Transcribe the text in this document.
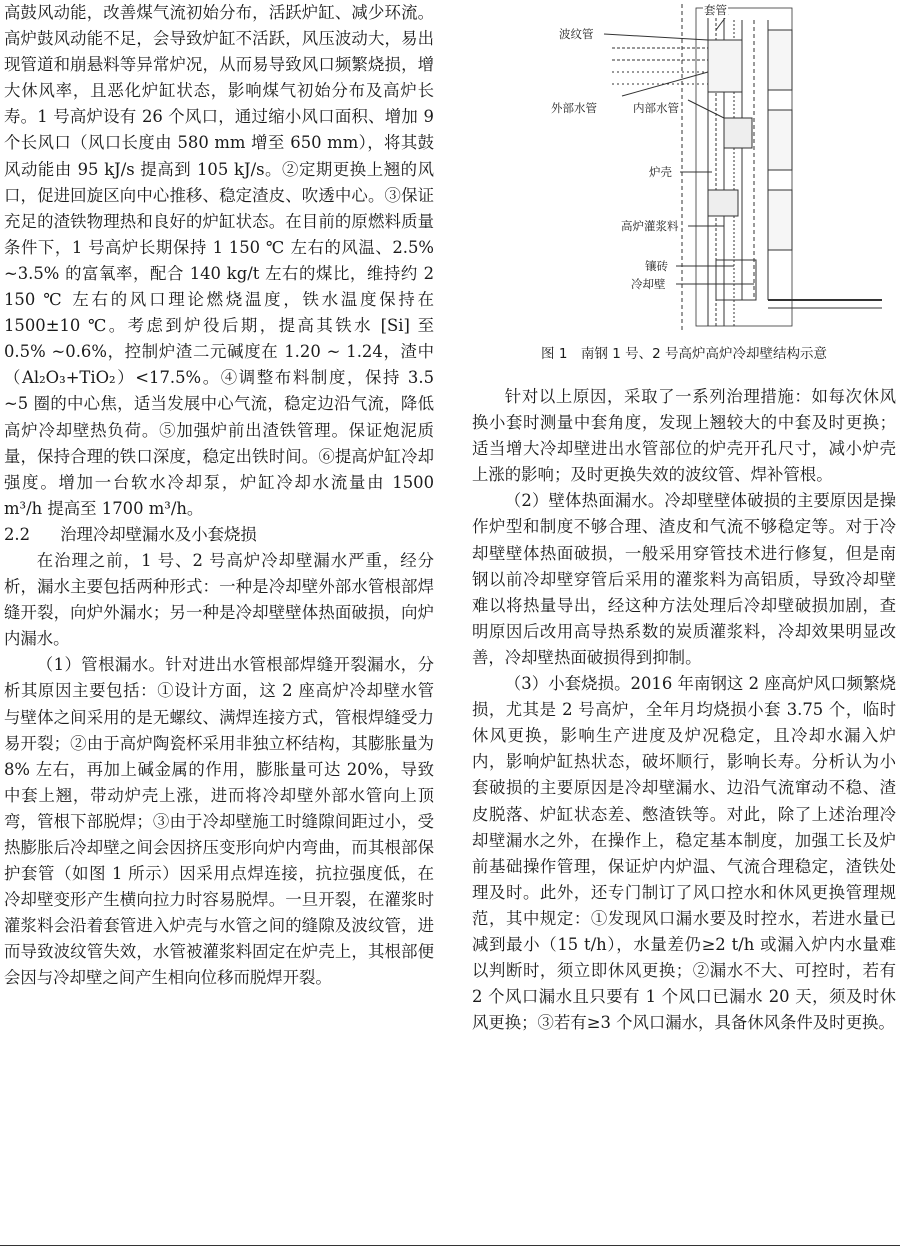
高鼓风动能，改善煤气流初始分布，活跃炉缸、减少环流。高炉鼓风动能不足，会导致炉缸不活跃，风压波动大，易出现管道和崩悬料等异常炉况，从而易导致风口频繁烧损，增大休风率，且恶化炉缸状态，影响煤气初始分布及高炉长寿。1 号高炉设有 26 个风口，通过缩小风口面积、增加 9 个长风口（风口长度由 580 mm 增至 650 mm），将其鼓风动能由 95 kJ/s 提高到 105 kJ/s。②定期更换上翘的风口，促进回旋区向中心推移、稳定渣皮、吹透中心。③保证充足的渣铁物理热和良好的炉缸状态。在目前的原燃料质量条件下，1 号高炉长期保持 1 150 ℃ 左右的风温、2.5% ~3.5% 的富氧率，配合 140 kg/t 左右的煤比，维持约 2 150 ℃ 左右的风口理论燃烧温度，铁水温度保持在 1500±10 ℃。考虑到炉役后期，提高其铁水 [Si] 至 0.5% ~0.6%，控制炉渣二元碱度在 1.20 ~ 1.24，渣中（Al₂O₃+TiO₂）<17.5%。④调整布料制度，保持 3.5 ~5 圈的中心焦，适当发展中心气流，稳定边沿气流，降低高炉冷却壁热负荷。⑤加强炉前出渣铁管理。保证炮泥质量，保持合理的铁口深度，稳定出铁时间。⑥提高炉缸冷却强度。增加一台软水冷却泵，炉缸冷却水流量由 1500 m³/h 提高至 1700 m³/h。

2.2 治理冷却壁漏水及小套烧损

在治理之前，1 号、2 号高炉冷却壁漏水严重，经分析，漏水主要包括两种形式：一种是冷却壁外部水管根部焊缝开裂，向炉外漏水；另一种是冷却壁壁体热面破损，向炉内漏水。

（1）管根漏水。针对进出水管根部焊缝开裂漏水，分析其原因主要包括：①设计方面，这 2 座高炉冷却壁水管与壁体之间采用的是无螺纹、满焊连接方式，管根焊缝受力易开裂；②由于高炉陶瓷杯采用非独立杯结构，其膨胀量为 8% 左右，再加上碱金属的作用，膨胀量可达 20%，导致中套上翘，带动炉壳上涨，进而将冷却壁外部水管向上顶弯，管根下部脱焊；③由于冷却壁施工时缝隙间距过小，受热膨胀后冷却壁之间会因挤压变形向炉内弯曲，而其根部保护套管（如图 1 所示）因采用点焊连接，抗拉强度低，在冷却壁变形产生横向拉力时容易脱焊。一旦开裂，在灌浆时灌浆料会沿着套管进入炉壳与水管之间的缝隙及波纹管，进而导致波纹管失效，水管被灌浆料固定在炉壳上，其根部便会因与冷却壁之间产生相向位移而脱焊开裂。

套管
波纹管
外部水管	内部水管
炉壳
高炉灌浆料
镶砖
冷却壁
图 1　南钢 1 号、2 号高炉高炉冷却壁结构示意

针对以上原因，采取了一系列治理措施：如每次休风换小套时测量中套角度，发现上翘较大的中套及时更换；适当增大冷却壁进出水管部位的炉壳开孔尺寸，减小炉壳上涨的影响；及时更换失效的波纹管、焊补管根。

（2）壁体热面漏水。冷却壁壁体破损的主要原因是操作炉型和制度不够合理、渣皮和气流不够稳定等。对于冷却壁壁体热面破损，一般采用穿管技术进行修复，但是南钢以前冷却壁穿管后采用的灌浆料为高铝质，导致冷却壁难以将热量导出，经这种方法处理后冷却壁破损加剧，查明原因后改用高导热系数的炭质灌浆料，冷却效果明显改善，冷却壁热面破损得到抑制。

（3）小套烧损。2016 年南钢这 2 座高炉风口频繁烧损，尤其是 2 号高炉，全年月均烧损小套 3.75 个，临时休风更换，影响生产进度及炉况稳定，且冷却水漏入炉内，影响炉缸热状态，破坏顺行，影响长寿。分析认为小套破损的主要原因是冷却壁漏水、边沿气流窜动不稳、渣皮脱落、炉缸状态差、憋渣铁等。对此，除了上述治理冷却壁漏水之外，在操作上，稳定基本制度，加强工长及炉前基础操作管理，保证炉内炉温、气流合理稳定，渣铁处理及时。此外，还专门制订了风口控水和休风更换管理规范，其中规定：①发现风口漏水要及时控水，若进水量已减到最小（15 t/h），水量差仍≥2 t/h 或漏入炉内水量难以判断时，须立即休风更换；②漏水不大、可控时，若有 2 个风口漏水且只要有 1 个风口已漏水 20 天，须及时休风更换；③若有≥3 个风口漏水，具备休风条件及时更换。
